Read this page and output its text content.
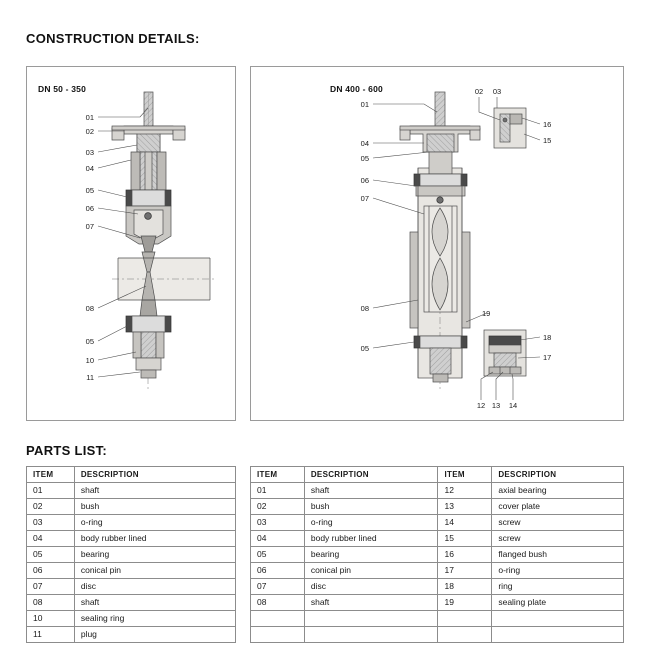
CONSTRUCTION DETAILS:
DN 50 - 350	DN 400 - 600
01
02
03
04
05
06
07
08
05
10
11
01
04
05
06
07
08
05
02 03
12 13 14
16
15
18
17
19
PARTS LIST:
ITEM	DESCRIPTION
01	shaft
02	bush
03	o-ring
04	body rubber lined
05	bearing
06	conical pin
07	disc
08	shaft
10	sealing ring
11	plug
ITEM	DESCRIPTION	ITEM	DESCRIPTION
01	shaft	12	axial bearing
02	bush	13	cover plate
03	o-ring	14	screw
04	body rubber lined	15	screw
05	bearing	16	flanged bush
06	conical pin	17	o-ring
07	disc	18	ring
08	shaft	19	sealing plate
